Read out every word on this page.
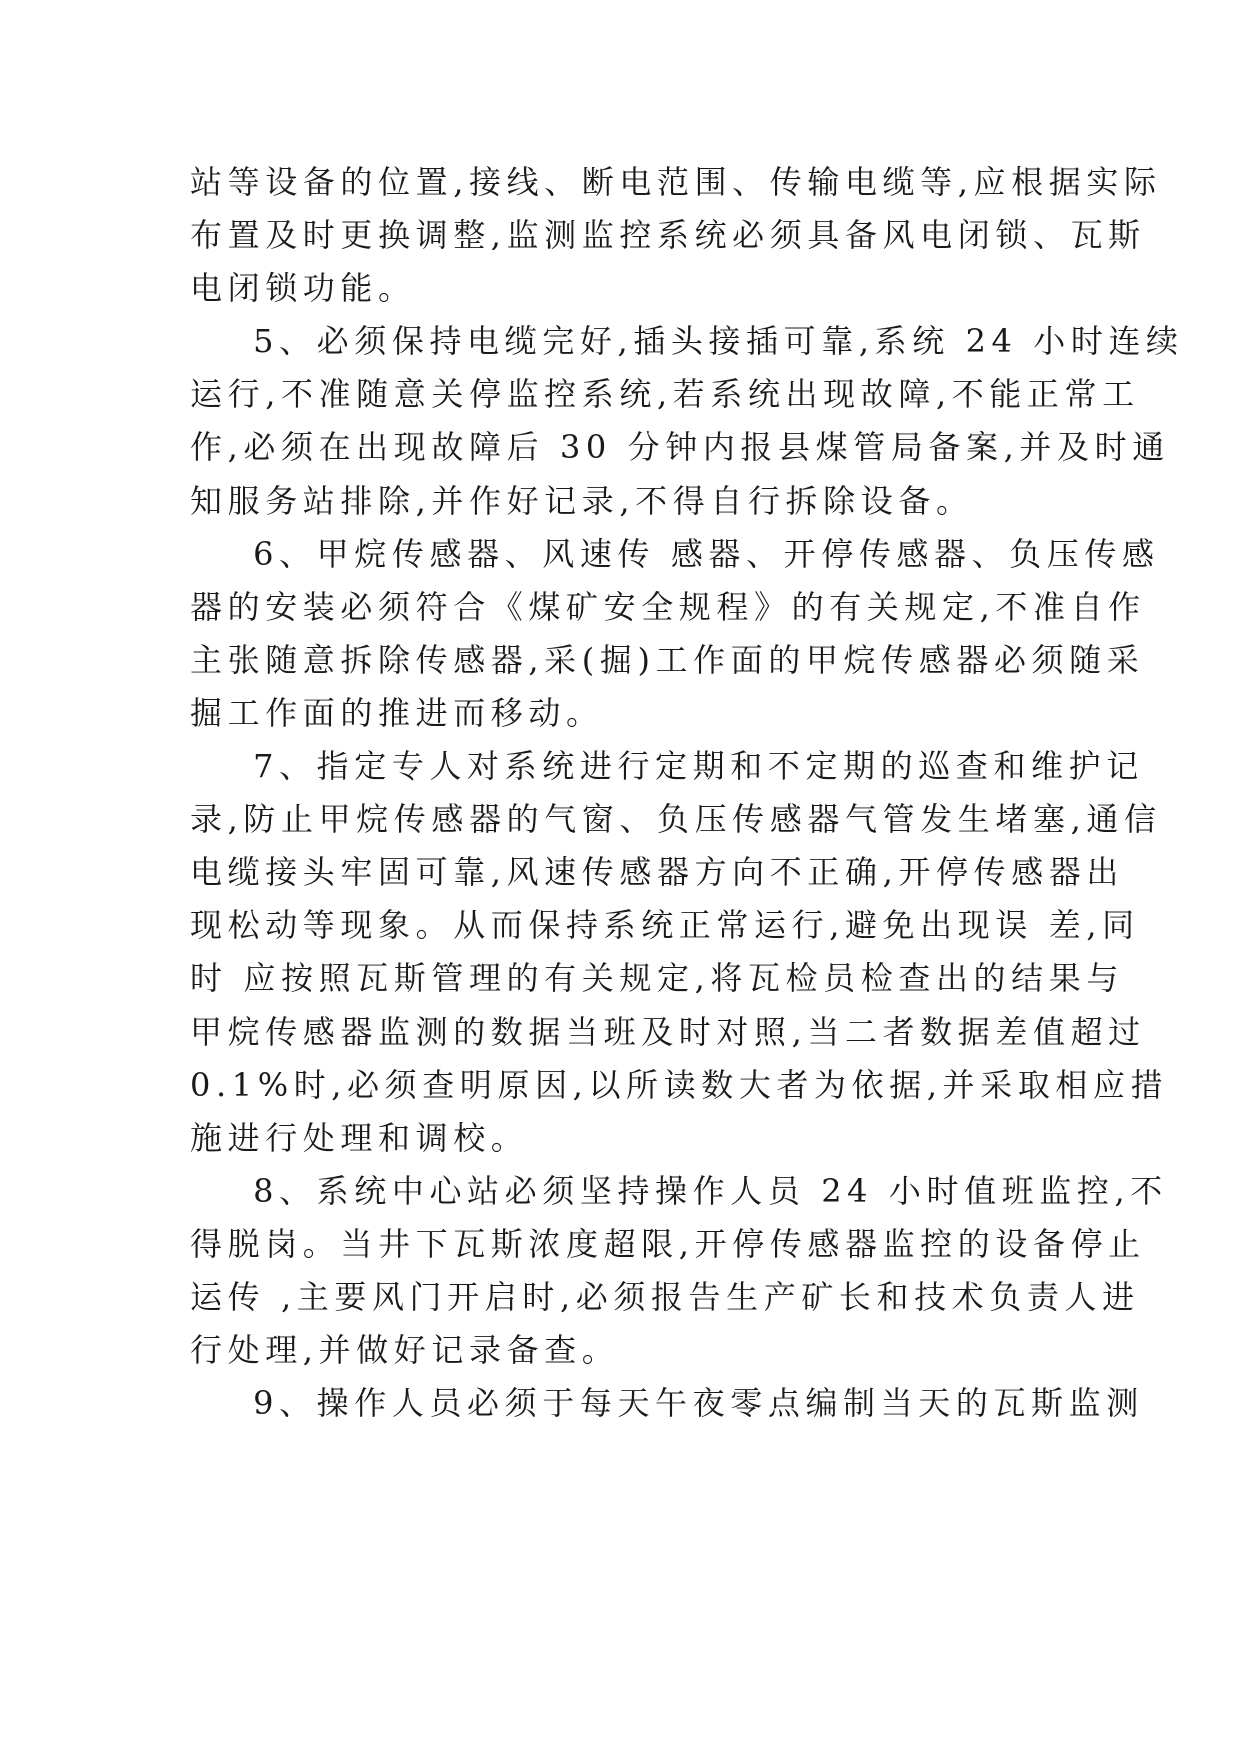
站等设备的位置,接线、断电范围、传输电缆等,应根据实际
布置及时更换调整,监测监控系统必须具备风电闭锁、瓦斯
电闭锁功能。
5、必须保持电缆完好,插头接插可靠,系统 24 小时连续
运行,不准随意关停监控系统,若系统出现故障,不能正常工
作,必须在出现故障后 30 分钟内报县煤管局备案,并及时通
知服务站排除,并作好记录,不得自行拆除设备。
6、甲烷传感器、风速传 感器、开停传感器、负压传感
器的安装必须符合《煤矿安全规程》的有关规定,不准自作
主张随意拆除传感器,采(掘)工作面的甲烷传感器必须随采
掘工作面的推进而移动。
7、指定专人对系统进行定期和不定期的巡查和维护记
录,防止甲烷传感器的气窗、负压传感器气管发生堵塞,通信
电缆接头牢固可靠,风速传感器方向不正确,开停传感器出
现松动等现象。从而保持系统正常运行,避免出现误 差,同
时 应按照瓦斯管理的有关规定,将瓦检员检查出的结果与
甲烷传感器监测的数据当班及时对照,当二者数据差值超过
0.1%时,必须查明原因,以所读数大者为依据,并采取相应措
施进行处理和调校。
8、系统中心站必须坚持操作人员 24 小时值班监控,不
得脱岗。当井下瓦斯浓度超限,开停传感器监控的设备停止
运传 ,主要风门开启时,必须报告生产矿长和技术负责人进
行处理,并做好记录备查。
9、操作人员必须于每天午夜零点编制当天的瓦斯监测
